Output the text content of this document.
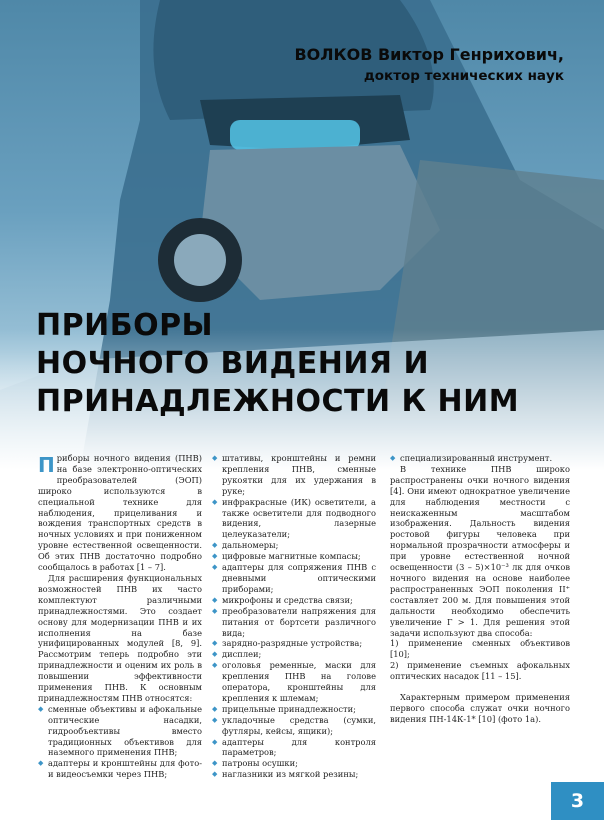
ВОЛКОВ Виктор Генрихович,
доктор технических наук
ПРИБОРЫ
НОЧНОГО ВИДЕНИЯ И
ПРИНАДЛЕЖНОСТИ К НИМ

Приборы ночного видения (ПНВ) на базе электронно-оптических преобразователей (ЭОП) широко используются в специальной технике для наблюдения, прицеливания и вождения транспортных средств в ночных условиях и при пониженном уровне естественной освещенности. Об этих ПНВ достаточно подробно сообщалось в работах [1 – 7].

Для расширения функциональных возможностей ПНВ их часто комплектуют различными принадлежностями. Это создает основу для модернизации ПНВ и их исполнения на базе унифицированных модулей [8, 9]. Рассмотрим теперь подробно эти принадлежности и оценим их роль в повышении эффективности применения ПНВ. К основным принадлежностям ПНВ относятся:

◆ сменные объективы и афокальные оптические насадки, гидрообъективы вместо традиционных объективов для наземного применения ПНВ;
◆ адаптеры и кронштейны для фото- и видеосъемки через ПНВ;
◆ штативы, кронштейны и ремни крепления ПНВ, сменные рукоятки для их удержания в руке;
◆ инфракрасные (ИК) осветители, а также осветители для подводного видения, лазерные целеуказатели;
◆ дальномеры;
◆ цифровые магнитные компасы;
◆ адаптеры для сопряжения ПНВ с дневными оптическими приборами;
◆ микрофоны и средства связи;
◆ преобразователи напряжения для питания от бортсети различного вида;
◆ зарядно-разрядные устройства;
◆ дисплеи;
◆ оголовья ременные, маски для крепления ПНВ на голове оператора, кронштейны для крепления к шлемам;
◆ прицельные принадлежности;
◆ укладочные средства (сумки, футляры, кейсы, ящики);
◆ адаптеры для контроля параметров;
◆ патроны осушки;
◆ наглазники из мягкой резины;
◆ специализированный инструмент.

В технике ПНВ широко распространены очки ночного видения [4]. Они имеют однократное увеличение для наблюдения местности с неискаженным масштабом изображения. Дальность видения ростовой фигуры человека при нормальной прозрачности атмосферы и при уровне естественной ночной освещенности (3 – 5)×10⁻³ лк для очков ночного видения на основе наиболее распространенных ЭОП поколения II⁺ составляет 200 м. Для повышения этой дальности необходимо обеспечить увеличение Г > 1. Для решения этой задачи используют два способа:

1) применение сменных объективов [10];
2) применение съемных афокальных оптических насадок [11 – 15].

Характерным примером применения первого способа служат очки ночного видения ПН-14К-1* [10] (фото 1а).

3
